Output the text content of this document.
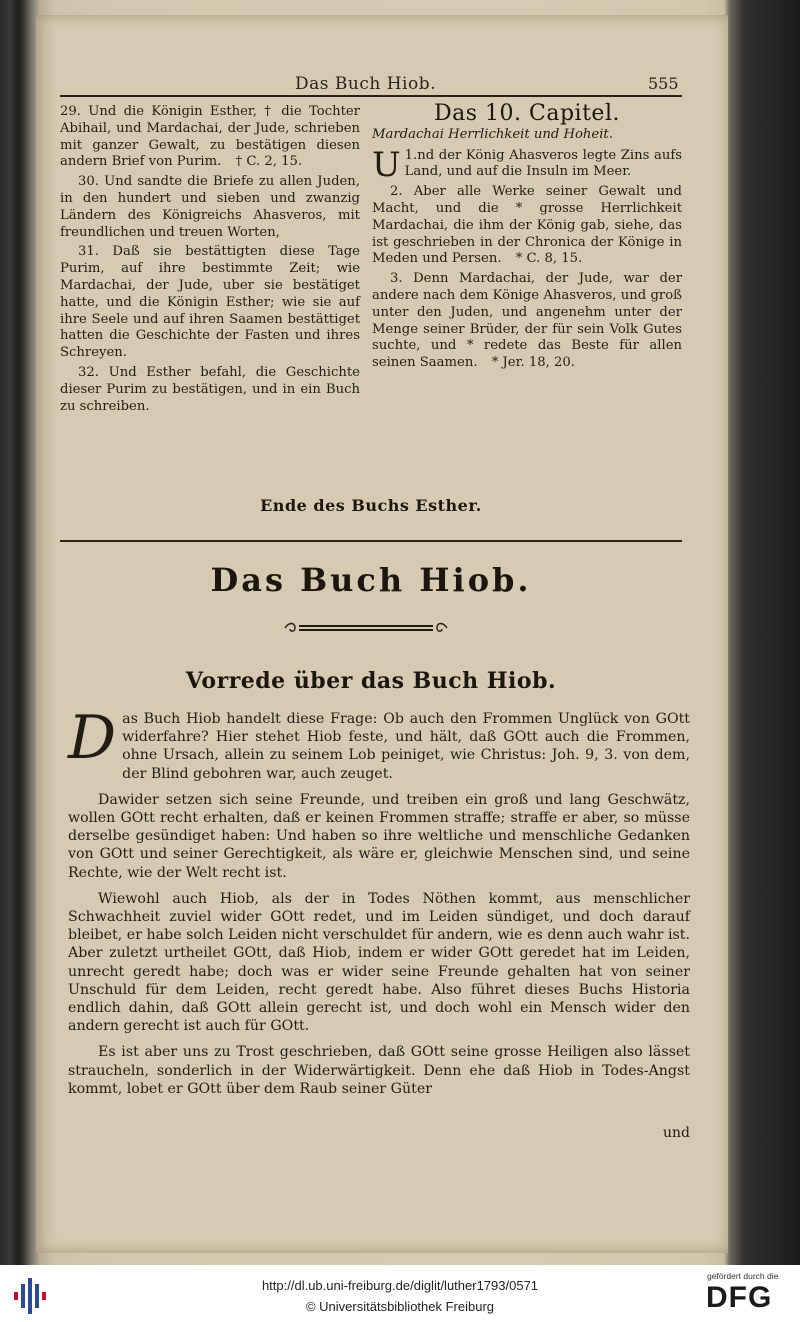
Das Buch Hiob.	555

29. Und die Königin Esther, † die Tochter Abihail, und Mardachai, der Jude, schrieben mit ganzer Gewalt, zu bestätigen diesen andern Brief von Purim. † C. 2, 15.

30. Und sandte die Briefe zu allen Juden, in den hundert und sieben und zwanzig Ländern des Königreichs Ahasveros, mit freundlichen und treuen Worten,

31. Daß sie bestättigten diese Tage Purim, auf ihre bestimmte Zeit; wie Mardachai, der Jude, uber sie bestätiget hatte, und die Königin Esther; wie sie auf ihre Seele und auf ihren Saamen bestättiget hatten die Geschichte der Fasten und ihres Schreyen.

32. Und Esther befahl, die Geschichte dieser Purim zu bestätigen, und in ein Buch zu schreiben.

Das 10. Capitel.

Mardachai Herrlichkeit und Hoheit.

1.
U nd der König Ahasveros legte Zins aufs Land, und auf die Insuln im Meer.

2. Aber alle Werke seiner Gewalt und Macht, und die * grosse Herrlichkeit Mardachai, die ihm der König gab, siehe, das ist geschrieben in der Chronica der Könige in Meden und Persen. * C. 8, 15.

3. Denn Mardachai, der Jude, war der andere nach dem Könige Ahasveros, und groß unter den Juden, und angenehm unter der Menge seiner Brüder, der für sein Volk Gutes suchte, und * redete das Beste für allen seinen Saamen. * Jer. 18, 20.

Ende des Buchs Esther.
Das Buch Hiob.
Vorrede über das Buch Hiob.

Das Buch Hiob handelt diese Frage: Ob auch den Frommen Unglück von GOtt widerfahre? Hier stehet Hiob feste, und hält, daß GOtt auch die Frommen, ohne Ursach, allein zu seinem Lob peiniget, wie Christus: Joh. 9, 3. von dem, der Blind gebohren war, auch zeuget.

Dawider setzen sich seine Freunde, und treiben ein groß und lang Geschwätz, wollen GOtt recht erhalten, daß er keinen Frommen straffe; straffe er aber, so müsse derselbe gesündiget haben: Und haben so ihre weltliche und menschliche Gedanken von GOtt und seiner Gerechtigkeit, als wäre er, gleichwie Menschen sind, und seine Rechte, wie der Welt recht ist.

Wiewohl auch Hiob, als der in Todes Nöthen kommt, aus menschlicher Schwachheit zuviel wider GOtt redet, und im Leiden sündiget, und doch darauf bleibet, er habe solch Leiden nicht verschuldet für andern, wie es denn auch wahr ist. Aber zuletzt urtheilet GOtt, daß Hiob, indem er wider GOtt geredet hat im Leiden, unrecht geredt habe; doch was er wider seine Freunde gehalten hat von seiner Unschuld für dem Leiden, recht geredt habe. Also führet dieses Buchs Historia endlich dahin, daß GOtt allein gerecht ist, und doch wohl ein Mensch wider den andern gerecht ist auch für GOtt.

Es ist aber uns zu Trost geschrieben, daß GOtt seine grosse Heiligen also lässet straucheln, sonderlich in der Widerwärtigkeit. Denn ehe daß Hiob in Todes-Angst kommt, lobet er GOtt über dem Raub seiner Güter

und
http://dl.ub.uni-freiburg.de/diglit/luther1793/0571
© Universitätsbibliothek Freiburg
gefördert durch die
DFG
